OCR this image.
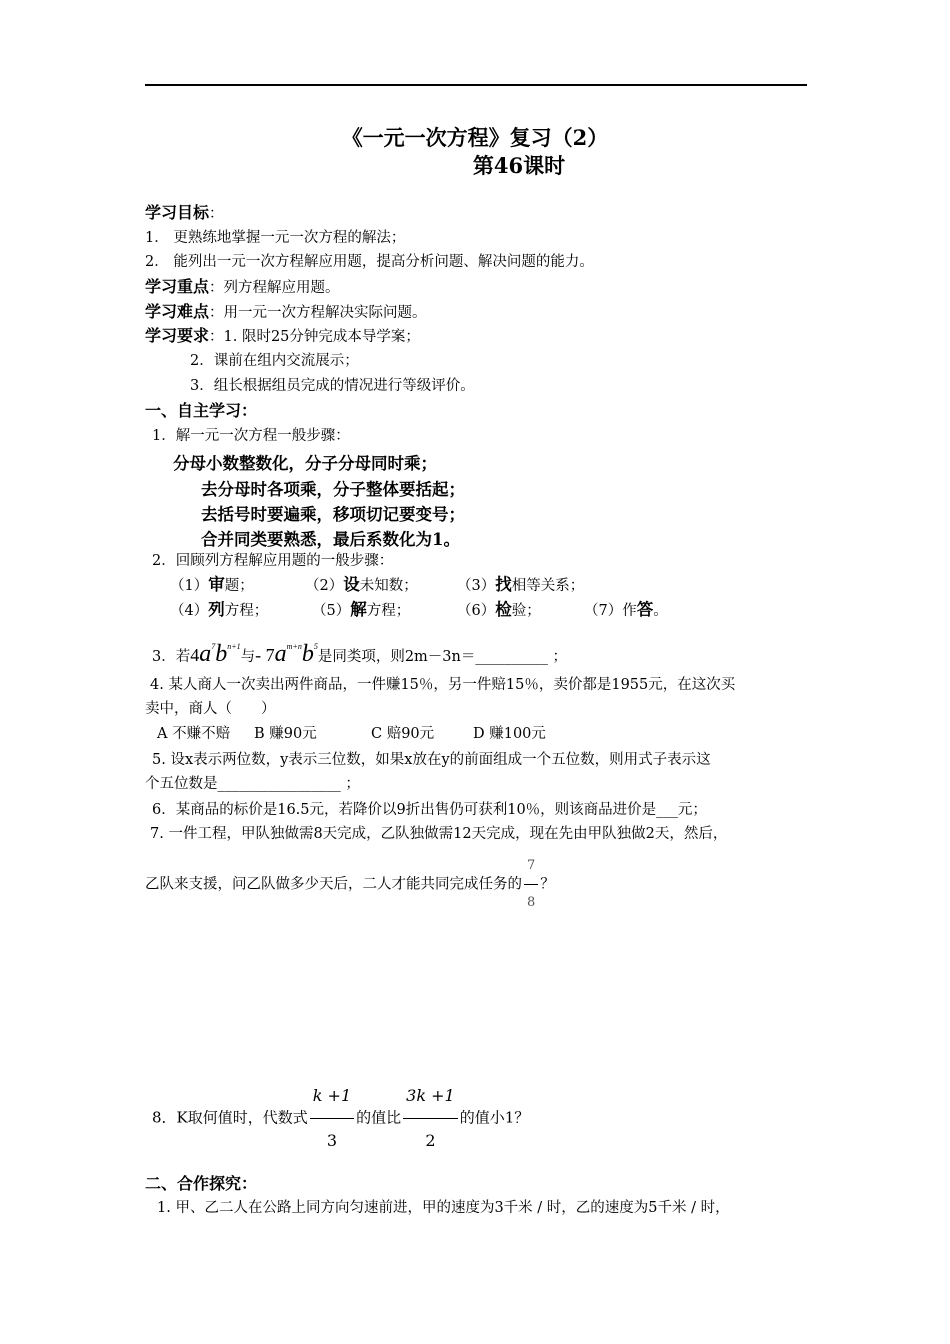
《一元一次方程》复习（2）
第46课时
学习目标：
1． 更熟练地掌握一元一次方程的解法；
2． 能列出一元一次方程解应用题，提高分析问题、解决问题的能力。
学习重点：列方程解应用题。
学习难点：用一元一次方程解决实际问题。
学习要求：1. 限时25分钟完成本导学案；
2．课前在组内交流展示；
3．组长根据组员完成的情况进行等级评价。
一、自主学习：
1．解一元一次方程一般步骤：
分母小数整数化，分子分母同时乘；
去分母时各项乘，分子整体要括起；
去括号时要遍乘，移项切记要变号；
合并同类要熟悉，最后系数化为1。
2．回顾列方程解应用题的一般步骤：
（1）审题；	（2）设未知数；	（3）找相等关系；
（4）列方程；	（5）解方程；	（6）检验；	（7）作答。
3．若$4a^7b^{n+1}$与- $7a^{m+n}b^5$是同类项，则2m－3n＝__________ ；
4. 某人商人一次卖出两件商品，一件赚15％，另一件赔15％，卖价都是1955元，在这次买
卖中，商人（　　）
A 不赚不赔 B 赚90元	C 赔90元	D 赚100元
5. 设x表示两位数，y表示三位数，如果x放在y的前面组成一个五位数，则用式子表示这
个五位数是_________________ ；
6．某商品的标价是16.5元，若降价以9折出售仍可获利10％，则该商品进价是___元；
7. 一件工程，甲队独做需8天完成，乙队独做需12天完成，现在先由甲队独做2天，然后，
乙队来支援，问乙队做多少天后，二人才能共同完成任务的 $\frac{7}{8}$ ？
8．K取何值时，代数式 $\frac{k +1}{3}$ 的值比 $\frac{3k +1}{2}$ 的值小1？
二、合作探究：
1. 甲、乙二人在公路上同方向匀速前进，甲的速度为3千米 / 时，乙的速度为5千米 / 时，
